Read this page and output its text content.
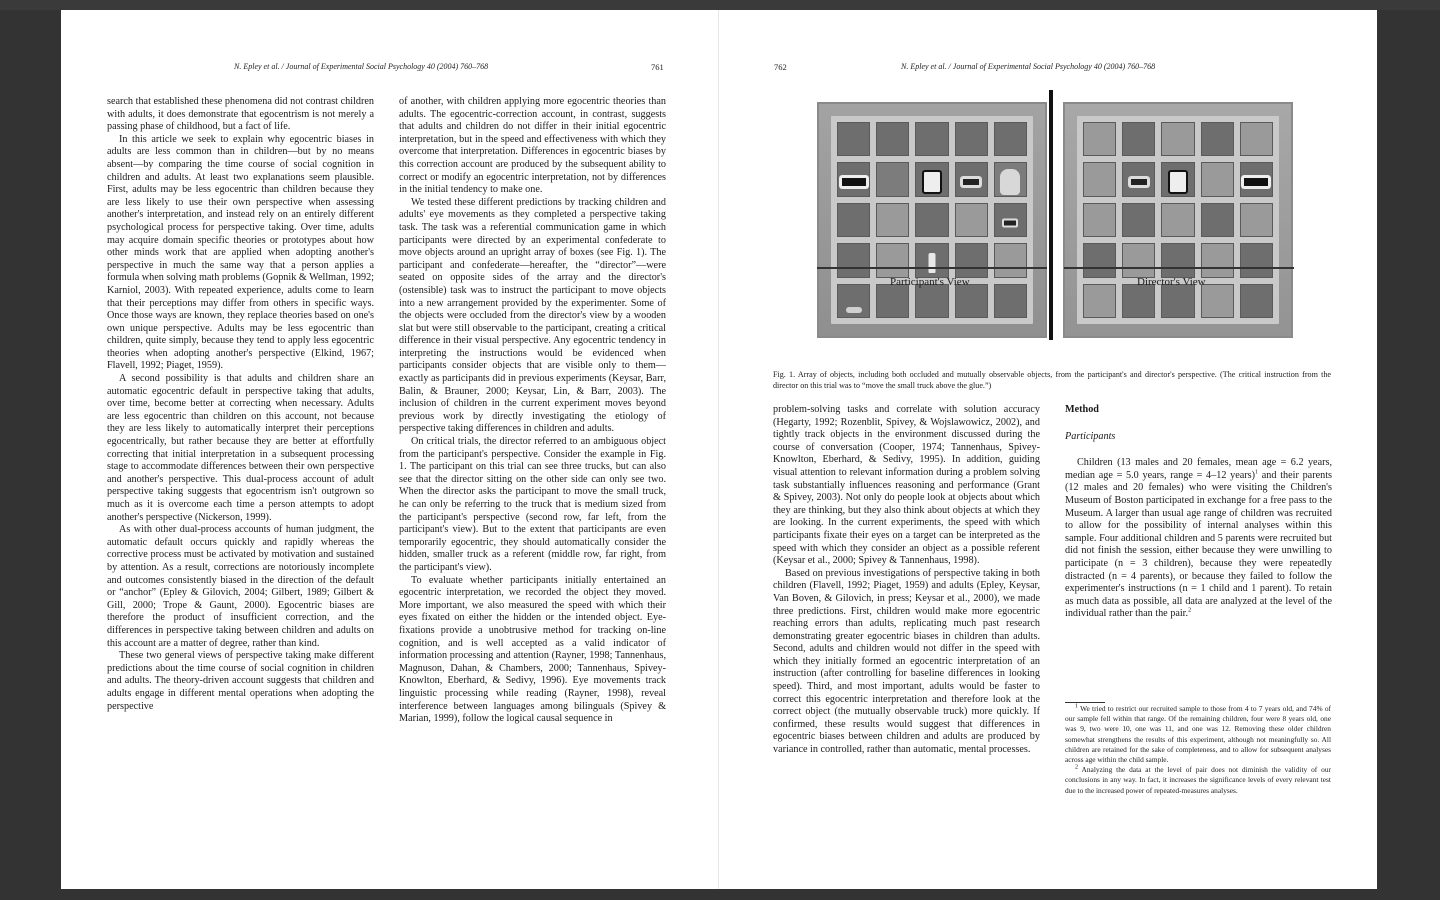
N. Epley et al. / Journal of Experimental Social Psychology 40 (2004) 760–768	761

search that established these phenomena did not contrast children with adults, it does demonstrate that egocentrism is not merely a passing phase of childhood, but a fact of life.

In this article we seek to explain why egocentric biases in adults are less common than in children—but by no means absent—by comparing the time course of social cognition in children and adults. At least two explanations seem plausible. First, adults may be less egocentric than children because they are less likely to use their own perspective when assessing another's interpretation, and instead rely on an entirely different psychological process for perspective taking. Over time, adults may acquire domain specific theories or prototypes about how other minds work that are applied when adopting another's perspective in much the same way that a person applies a formula when solving math problems (Gopnik & Wellman, 1992; Karniol, 2003). With repeated experience, adults come to learn that their perceptions may differ from others in specific ways. Once those ways are known, they replace theories based on one's own unique perspective. Adults may be less egocentric than children, quite simply, because they tend to apply less egocentric theories when adopting another's perspective (Elkind, 1967; Flavell, 1992; Piaget, 1959).

A second possibility is that adults and children share an automatic egocentric default in perspective taking that adults, over time, become better at correcting when necessary. Adults are less egocentric than children on this account, not because they are less likely to automatically interpret their perceptions egocentrically, but rather because they are better at effortfully correcting that initial interpretation in a subsequent processing stage to accommodate differences between their own perspective and another's perspective. This dual-process account of adult perspective taking suggests that egocentrism isn't outgrown so much as it is overcome each time a person attempts to adopt another's perspective (Nickerson, 1999).

As with other dual-process accounts of human judgment, the automatic default occurs quickly and rapidly whereas the corrective process must be activated by motivation and sustained by attention. As a result, corrections are notoriously incomplete and outcomes consistently biased in the direction of the default or “anchor” (Epley & Gilovich, 2004; Gilbert, 1989; Gilbert & Gill, 2000; Trope & Gaunt, 2000). Egocentric biases are therefore the product of insufficient correction, and the differences in perspective taking between children and adults on this account are a matter of degree, rather than kind.

These two general views of perspective taking make different predictions about the time course of social cognition in children and adults. The theory-driven account suggests that children and adults engage in different mental operations when adopting the perspective

of another, with children applying more egocentric theories than adults. The egocentric-correction account, in contrast, suggests that adults and children do not differ in their initial egocentric interpretation, but in the speed and effectiveness with which they overcome that interpretation. Differences in egocentric biases by this correction account are produced by the subsequent ability to correct or modify an egocentric interpretation, not by differences in the initial tendency to make one.

We tested these different predictions by tracking children and adults' eye movements as they completed a perspective taking task. The task was a referential communication game in which participants were directed by an experimental confederate to move objects around an upright array of boxes (see Fig. 1). The participant and confederate—hereafter, the “director”—were seated on opposite sides of the array and the director's (ostensible) task was to instruct the participant to move objects into a new arrangement provided by the experimenter. Some of the objects were occluded from the director's view by a wooden slat but were still observable to the participant, creating a critical difference in their visual perspective. Any egocentric tendency in interpreting the instructions would be evidenced when participants consider objects that are visible only to them—exactly as participants did in previous experiments (Keysar, Barr, Balin, & Brauner, 2000; Keysar, Lin, & Barr, 2003). The inclusion of children in the current experiment moves beyond previous work by directly investigating the etiology of perspective taking differences in children and adults.

On critical trials, the director referred to an ambiguous object from the participant's perspective. Consider the example in Fig. 1. The participant on this trial can see three trucks, but can also see that the director sitting on the other side can only see two. When the director asks the participant to move the small truck, he can only be referring to the truck that is medium sized from the participant's perspective (second row, far left, from the participant's view). But to the extent that participants are even temporarily egocentric, they should automatically consider the hidden, smaller truck as a referent (middle row, far right, from the participant's view).

To evaluate whether participants initially entertained an egocentric interpretation, we recorded the object they moved. More important, we also measured the speed with which their eyes fixated on either the hidden or the intended object. Eye-fixations provide a unobtrusive method for tracking on-line cognition, and is well accepted as a valid indicator of information processing and attention (Rayner, 1998; Tannenhaus, Magnuson, Dahan, & Chambers, 2000; Tannenhaus, Spivey-Knowlton, Eberhard, & Sedivy, 1996). Eye movements track linguistic processing while reading (Rayner, 1998), reveal interference between languages among bilinguals (Spivey & Marian, 1999), follow the logical causal sequence in

762	N. Epley et al. / Journal of Experimental Social Psychology 40 (2004) 760–768
Participant's View	Director's View
Fig. 1. Array of objects, including both occluded and mutually observable objects, from the participant's and director's perspective. (The critical instruction from the director on this trial was to “move the small truck above the glue.”)

problem-solving tasks and correlate with solution accuracy (Hegarty, 1992; Rozenblit, Spivey, & Wojslawowicz, 2002), and tightly track objects in the environment discussed during the course of conversation (Cooper, 1974; Tannenhaus, Spivey-Knowlton, Eberhard, & Sedivy, 1995). In addition, guiding visual attention to relevant information during a problem solving task substantially influences reasoning and performance (Grant & Spivey, 2003). Not only do people look at objects about which they are thinking, but they also think about objects at which they are looking. In the current experiments, the speed with which participants fixate their eyes on a target can be interpreted as the speed with which they consider an object as a possible referent (Keysar et al., 2000; Spivey & Tannenhaus, 1998).

Based on previous investigations of perspective taking in both children (Flavell, 1992; Piaget, 1959) and adults (Epley, Keysar, Van Boven, & Gilovich, in press; Keysar et al., 2000), we made three predictions. First, children would make more egocentric reaching errors than adults, replicating much past research demonstrating greater egocentric biases in children than adults. Second, adults and children would not differ in the speed with which they initially formed an egocentric interpretation of an instruction (after controlling for baseline differences in looking speed). Third, and most important, adults would be faster to correct this egocentric interpretation and therefore look at the correct object (the mutually observable truck) more quickly. If confirmed, these results would suggest that differences in egocentric biases between children and adults are produced by variance in controlled, rather than automatic, mental processes.

Method

Participants

Children (13 males and 20 females, mean age = 6.2 years, median age = 5.0 years, range = 4–12 years)$^1$ and their parents (12 males and 20 females) who were visiting the Children's Museum of Boston participated in exchange for a free pass to the Museum. A larger than usual age range of children was recruited to allow for the possibility of internal analyses within this sample. Four additional children and 5 parents were recruited but did not finish the session, either because they were unwilling to participate (n = 3 children), because they were repeatedly distracted (n = 4 parents), or because they failed to follow the experimenter's instructions (n = 1 child and 1 parent). To retain as much data as possible, all data are analyzed at the level of the individual rather than the pair.$^2$

$^1$ We tried to restrict our recruited sample to those from 4 to 7 years old, and 74% of our sample fell within that range. Of the remaining children, four were 8 years old, one was 9, two were 10, one was 11, and one was 12. Removing these older children somewhat strengthens the results of this experiment, although not meaningfully so. All children are retained for the sake of completeness, and to allow for subsequent analyses across age within the child sample.

$^2$ Analyzing the data at the level of pair does not diminish the validity of our conclusions in any way. In fact, it increases the significance levels of every relevant test due to the increased power of repeated-measures analyses.
